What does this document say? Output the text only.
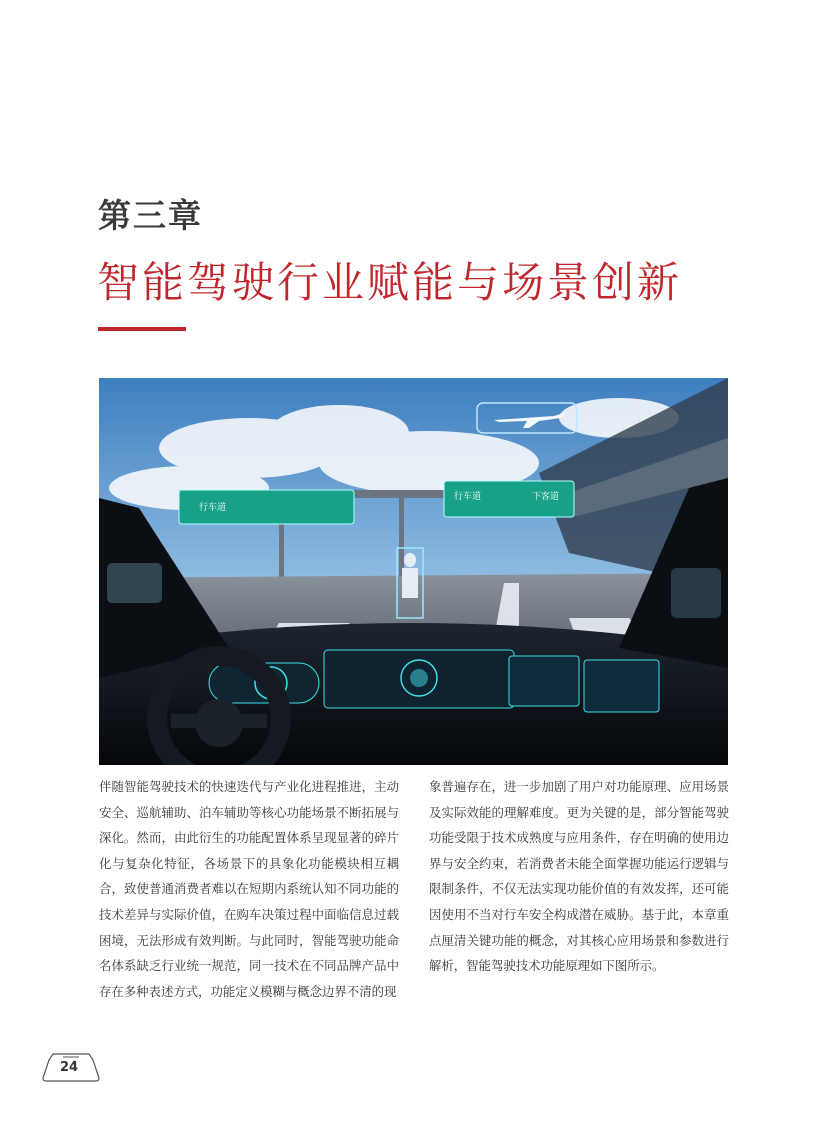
第三章
智能驾驶行业赋能与场景创新
行车道
行车道	下客道

伴随智能驾驶技术的快速迭代与产业化进程推进，主动安全、巡航辅助、泊车辅助等核心功能场景不断拓展与深化。然而，由此衍生的功能配置体系呈现显著的碎片化与复杂化特征，各场景下的具象化功能模块相互耦合，致使普通消费者难以在短期内系统认知不同功能的技术差异与实际价值，在购车决策过程中面临信息过载困境，无法形成有效判断。与此同时，智能驾驶功能命名体系缺乏行业统一规范，同一技术在不同品牌产品中存在多种表述方式，功能定义模糊与概念边界不清的现

象普遍存在，进一步加剧了用户对功能原理、应用场景及实际效能的理解难度。更为关键的是，部分智能驾驶功能受限于技术成熟度与应用条件，存在明确的使用边界与安全约束，若消费者未能全面掌握功能运行逻辑与限制条件，不仅无法实现功能价值的有效发挥，还可能因使用不当对行车安全构成潜在威胁。基于此，本章重点厘清关键功能的概念，对其核心应用场景和参数进行解析，智能驾驶技术功能原理如下图所示。

24
